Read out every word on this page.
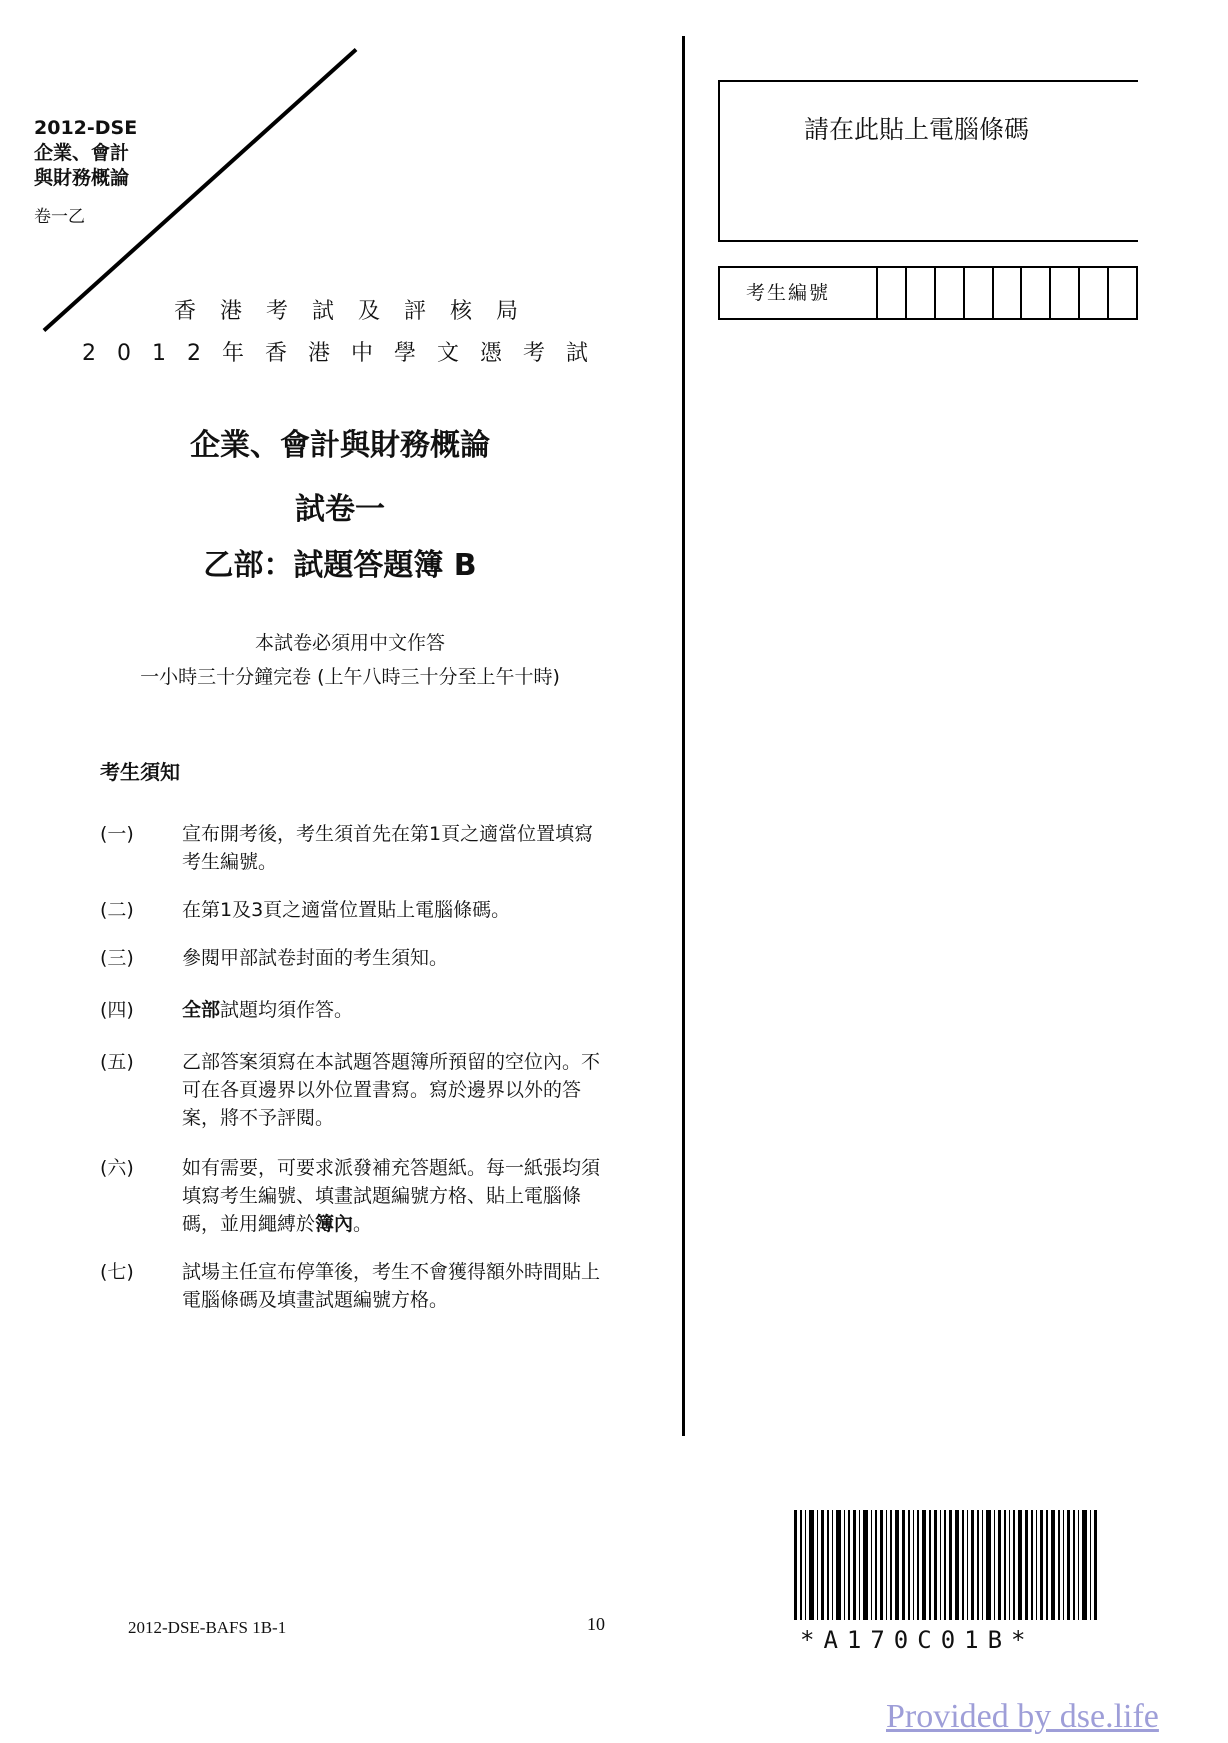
2012-DSE
企業、會計
與財務概論
卷一乙
香港考試及評核局
2012年香港中學文憑考試
企業、會計與財務概論
試卷一
乙部：試題答題簿 B
本試卷必須用中文作答
一小時三十分鐘完卷 (上午八時三十分至上午十時)
考生須知
(一)	宣布開考後，考生須首先在第1頁之適當位置填寫考生編號。
(二)	在第1及3頁之適當位置貼上電腦條碼。
(三)	參閱甲部試卷封面的考生須知。
(四)	全部試題均須作答。
(五)	乙部答案須寫在本試題答題簿所預留的空位內。不可在各頁邊界以外位置書寫。寫於邊界以外的答案，將不予評閱。
(六)	如有需要，可要求派發補充答題紙。每一紙張均須填寫考生編號、填畫試題編號方格、貼上電腦條碼，並用繩縛於簿內。
(七)	試場主任宣布停筆後，考生不會獲得額外時間貼上電腦條碼及填畫試題編號方格。
請在此貼上電腦條碼
考生編號
*A170C01B*
2012-DSE-BAFS 1B-1	10
Provided by dse.life
